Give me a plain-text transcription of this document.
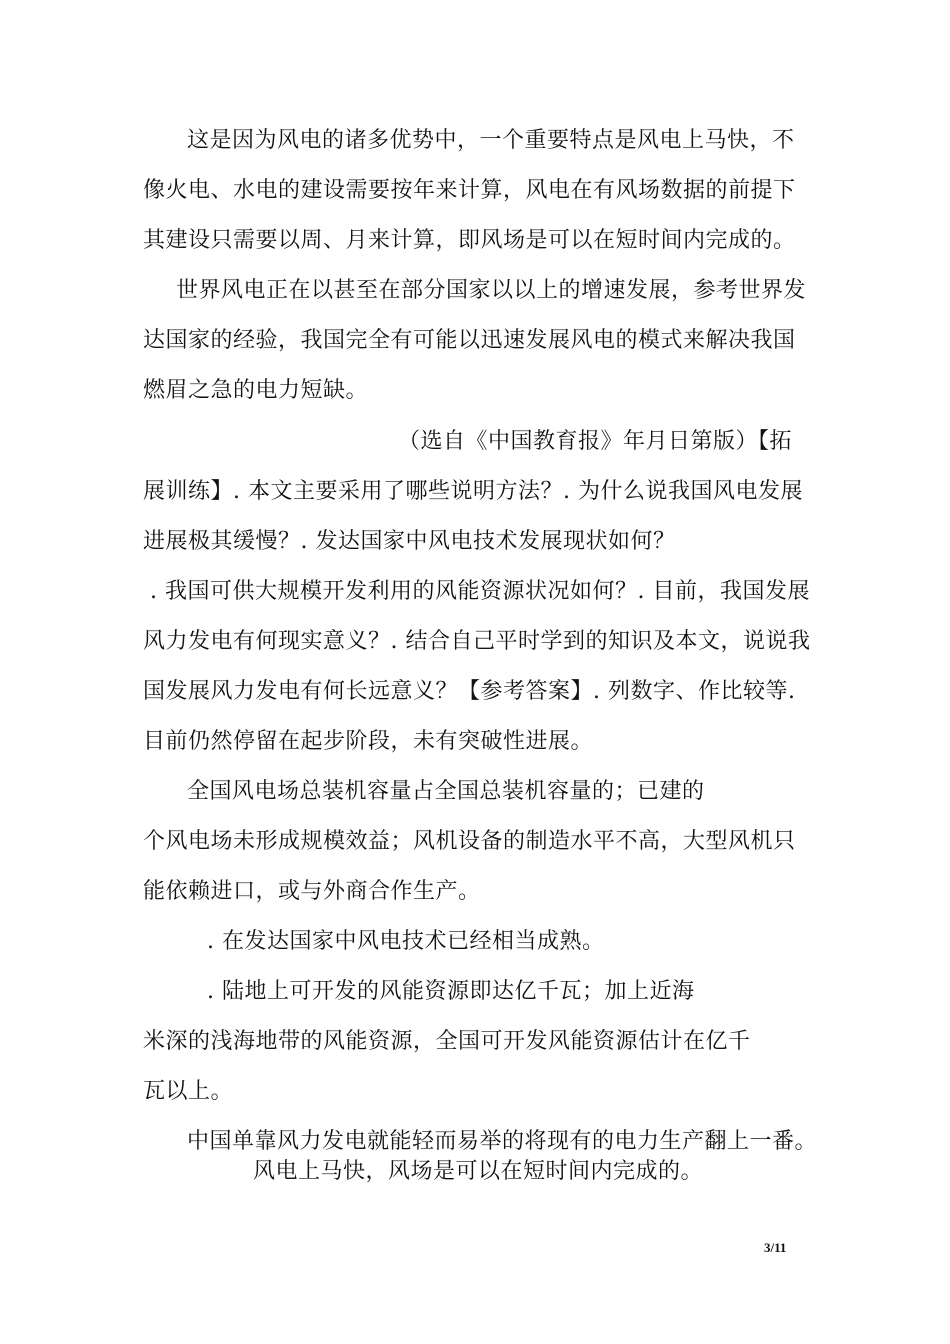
这是因为风电的诸多优势中，一个重要特点是风电上马快，不
像火电、水电的建设需要按年来计算，风电在有风场数据的前提下
其建设只需要以周、月来计算，即风场是可以在短时间内完成的。
世界风电正在以甚至在部分国家以以上的增速发展，参考世界发
达国家的经验，我国完全有可能以迅速发展风电的模式来解决我国
燃眉之急的电力短缺。
（选自《中国教育报》年月日第版）【拓
展训练】. 本文主要采用了哪些说明方法？. 为什么说我国风电发展
进展极其缓慢？. 发达国家中风电技术发展现状如何？
. 我国可供大规模开发利用的风能资源状况如何？. 目前，我国发展
风力发电有何现实意义？. 结合自己平时学到的知识及本文，说说我
国发展风力发电有何长远意义？【参考答案】. 列数字、作比较等.
目前仍然停留在起步阶段，未有突破性进展。
全国风电场总装机容量占全国总装机容量的；已建的
个风电场未形成规模效益；风机设备的制造水平不高，大型风机只
能依赖进口，或与外商合作生产。
. 在发达国家中风电技术已经相当成熟。
. 陆地上可开发的风能资源即达亿千瓦；加上近海
米深的浅海地带的风能资源，全国可开发风能资源估计在亿千
瓦以上。
中国单靠风力发电就能轻而易举的将现有的电力生产翻上一番。
风电上马快，风场是可以在短时间内完成的。
3/11
